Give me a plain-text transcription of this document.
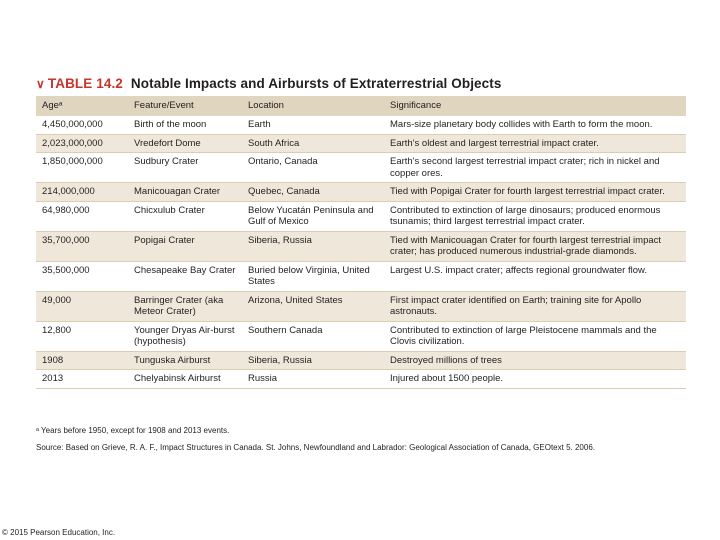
∨ TABLE 14.2 Notable Impacts and Airbursts of Extraterrestrial Objects
Ageᵃ	Feature/Event	Location	Significance
4,450,000,000	Birth of the moon	Earth	Mars-size planetary body collides with Earth to form the moon.
2,023,000,000	Vredefort Dome	South Africa	Earth's oldest and largest terrestrial impact crater.
1,850,000,000	Sudbury Crater	Ontario, Canada	Earth's second largest terrestrial impact crater; rich in nickel and copper ores.
214,000,000	Manicouagan Crater	Quebec, Canada	Tied with Popigai Crater for fourth largest terrestrial impact crater.
64,980,000	Chicxulub Crater	Below Yucatán Peninsula and Gulf of Mexico	Contributed to extinction of large dinosaurs; produced enormous tsunamis; third largest terrestrial impact crater.
35,700,000	Popigai Crater	Siberia, Russia	Tied with Manicouagan Crater for fourth largest terrestrial impact crater; has produced numerous industrial-grade diamonds.
35,500,000	Chesapeake Bay Crater	Buried below Virginia, United States	Largest U.S. impact crater; affects regional groundwater flow.
49,000	Barringer Crater (aka Meteor Crater)	Arizona, United States	First impact crater identified on Earth; training site for Apollo astronauts.
12,800	Younger Dryas Air-burst (hypothesis)	Southern Canada	Contributed to extinction of large Pleistocene mammals and the Clovis civilization.
1908	Tunguska Airburst	Siberia, Russia	Destroyed millions of trees
2013	Chelyabinsk Airburst	Russia	Injured about 1500 people.
ᵃ Years before 1950, except for 1908 and 2013 events.
Source: Based on Grieve, R. A. F., Impact Structures in Canada. St. Johns, Newfoundland and Labrador: Geological Association of Canada, GEOtext 5. 2006.
© 2015 Pearson Education, Inc.
